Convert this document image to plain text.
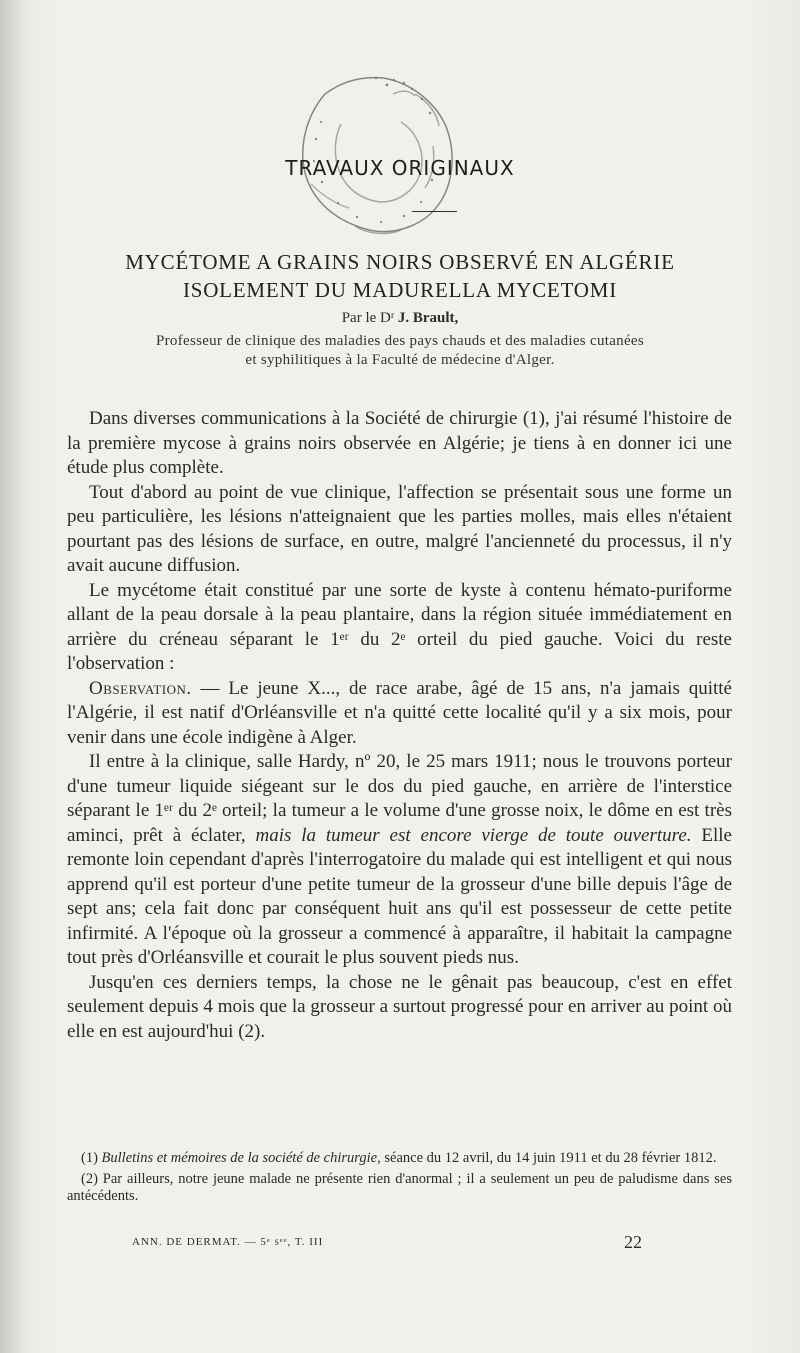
TRAVAUX ORIGINAUX
MYCÉTOME A GRAINS NOIRS OBSERVÉ EN ALGÉRIE
ISOLEMENT DU MADURELLA MYCETOMI
Par le Dʳ J. Brault,
Professeur de clinique des maladies des pays chauds et des maladies cutanées
et syphilitiques à la Faculté de médecine d'Alger.

Dans diverses communications à la Société de chirurgie (1), j'ai résumé l'histoire de la première mycose à grains noirs observée en Algérie; je tiens à en donner ici une étude plus complète.

Tout d'abord au point de vue clinique, l'affection se présentait sous une forme un peu particulière, les lésions n'atteignaient que les parties molles, mais elles n'étaient pourtant pas des lésions de surface, en outre, malgré l'ancienneté du processus, il n'y avait aucune diffusion.

Le mycétome était constitué par une sorte de kyste à contenu hémato-puriforme allant de la peau dorsale à la peau plantaire, dans la région située immédiatement en arrière du créneau séparant le 1ᵉʳ du 2ᵉ orteil du pied gauche. Voici du reste l'observation :

Observation. — Le jeune X..., de race arabe, âgé de 15 ans, n'a jamais quitté l'Algérie, il est natif d'Orléansville et n'a quitté cette localité qu'il y a six mois, pour venir dans une école indigène à Alger.

Il entre à la clinique, salle Hardy, nº 20, le 25 mars 1911; nous le trouvons porteur d'une tumeur liquide siégeant sur le dos du pied gauche, en arrière de l'interstice séparant le 1ᵉʳ du 2ᵉ orteil; la tumeur a le volume d'une grosse noix, le dôme en est très aminci, prêt à éclater, mais la tumeur est encore vierge de toute ouverture. Elle remonte loin cependant d'après l'interrogatoire du malade qui est intelligent et qui nous apprend qu'il est porteur d'une petite tumeur de la grosseur d'une bille depuis l'âge de sept ans; cela fait donc par conséquent huit ans qu'il est possesseur de cette petite infirmité. A l'époque où la grosseur a commencé à apparaître, il habitait la campagne tout près d'Orléansville et courait le plus souvent pieds nus.

Jusqu'en ces derniers temps, la chose ne le gênait pas beaucoup, c'est en effet seulement depuis 4 mois que la grosseur a surtout progressé pour en arriver au point où elle en est aujourd'hui (2).

(1) Bulletins et mémoires de la société de chirurgie, séance du 12 avril, du 14 juin 1911 et du 28 février 1812.

(2) Par ailleurs, notre jeune malade ne présente rien d'anormal ; il a seulement un peu de paludisme dans ses antécédents.

ANN. DE DERMAT. — 5ᵉ sᵉᵉ, T. III	22
